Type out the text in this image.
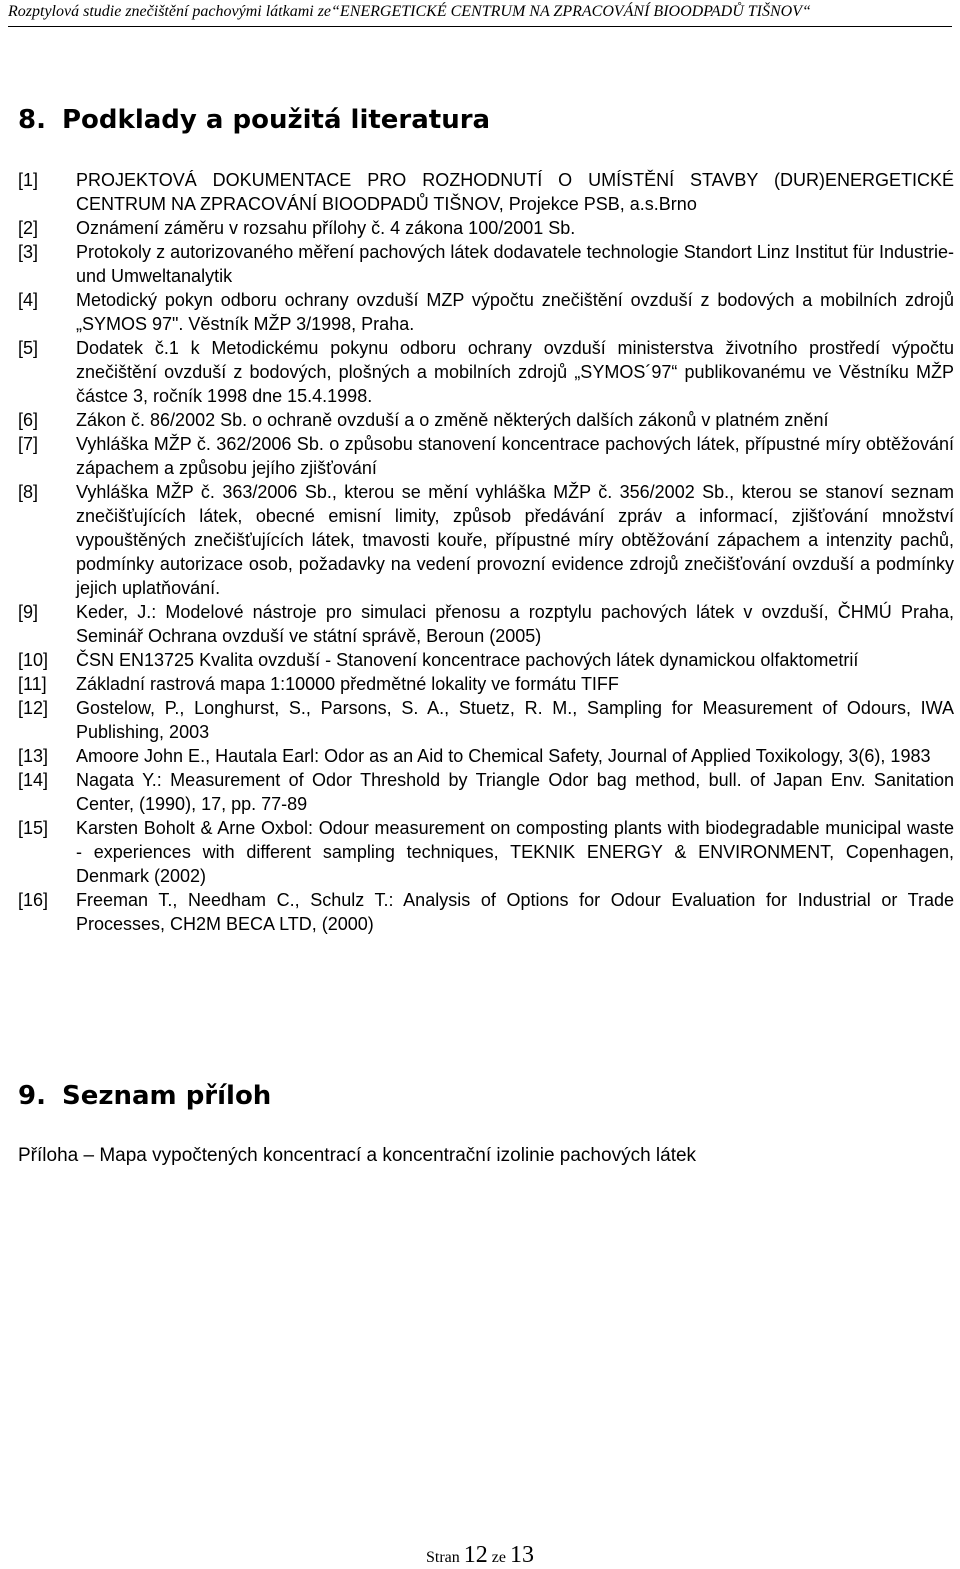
Rozptylová studie znečištění pachovými látkami ze“ENERGETICKÉ CENTRUM NA ZPRACOVÁNÍ BIOODPADŮ TIŠNOV“
8. Podklady a použitá literatura
[1]	PROJEKTOVÁ DOKUMENTACE PRO ROZHODNUTÍ O UMÍSTĚNÍ STAVBY (DUR)ENERGETICKÉ CENTRUM NA ZPRACOVÁNÍ BIOODPADŮ TIŠNOV, Projekce PSB, a.s.Brno
[2]	Oznámení záměru v rozsahu přílohy č. 4 zákona 100/2001 Sb.
[3]	Protokoly z autorizovaného měření pachových látek dodavatele technologie Standort Linz Institut für Industrie- und Umweltanalytik
[4]	Metodický pokyn odboru ochrany ovzduší MZP výpočtu znečištění ovzduší z bodových a mobilních zdrojů „SYMOS 97". Věstník MŽP 3/1998, Praha.
[5]	Dodatek č.1 k Metodickému pokynu odboru ochrany ovzduší ministerstva životního prostředí výpočtu znečištění ovzduší z bodových, plošných a mobilních zdrojů „SYMOS´97“ publikovanému ve Věstníku MŽP částce 3, ročník 1998 dne 15.4.1998.
[6]	Zákon č. 86/2002 Sb. o ochraně ovzduší a o změně některých dalších zákonů v platném znění
[7]	Vyhláška MŽP č. 362/2006 Sb. o způsobu stanovení koncentrace pachových látek, přípustné míry obtěžování zápachem a způsobu jejího zjišťování
[8]	Vyhláška MŽP č. 363/2006 Sb., kterou se mění vyhláška MŽP č. 356/2002 Sb., kterou se stanoví seznam znečišťujících látek, obecné emisní limity, způsob předávání zpráv a informací, zjišťování množství vypouštěných znečišťujících látek, tmavosti kouře, přípustné míry obtěžování zápachem a intenzity pachů, podmínky autorizace osob, požadavky na vedení provozní evidence zdrojů znečišťování ovzduší a podmínky jejich uplatňování.
[9]	Keder, J.: Modelové nástroje pro simulaci přenosu a rozptylu pachových látek v ovzduší, ČHMÚ Praha, Seminář Ochrana ovzduší ve státní správě, Beroun (2005)
[10]	ČSN EN13725 Kvalita ovzduší - Stanovení koncentrace pachových látek dynamickou olfaktometrií
[11]	Základní rastrová mapa 1:10000 předmětné lokality ve formátu TIFF
[12]	Gostelow, P., Longhurst, S., Parsons, S. A., Stuetz, R. M., Sampling for Measurement of Odours, IWA Publishing, 2003
[13]	Amoore John E., Hautala Earl: Odor as an Aid to Chemical Safety, Journal of Applied Toxikology, 3(6), 1983
[14]	Nagata Y.: Measurement of Odor Threshold by Triangle Odor bag method, bull. of Japan Env. Sanitation Center, (1990), 17, pp. 77-89
[15]	Karsten Boholt & Arne Oxbol: Odour measurement on composting plants with biodegradable municipal waste - experiences with different sampling techniques, TEKNIK ENERGY & ENVIRONMENT, Copenhagen, Denmark (2002)
[16]	Freeman T., Needham C., Schulz T.: Analysis of Options for Odour Evaluation for Industrial or Trade Processes, CH2M BECA LTD, (2000)
9. Seznam příloh
Příloha – Mapa vypočtených koncentrací a koncentrační izolinie pachových látek
Stran 12 ze 13
